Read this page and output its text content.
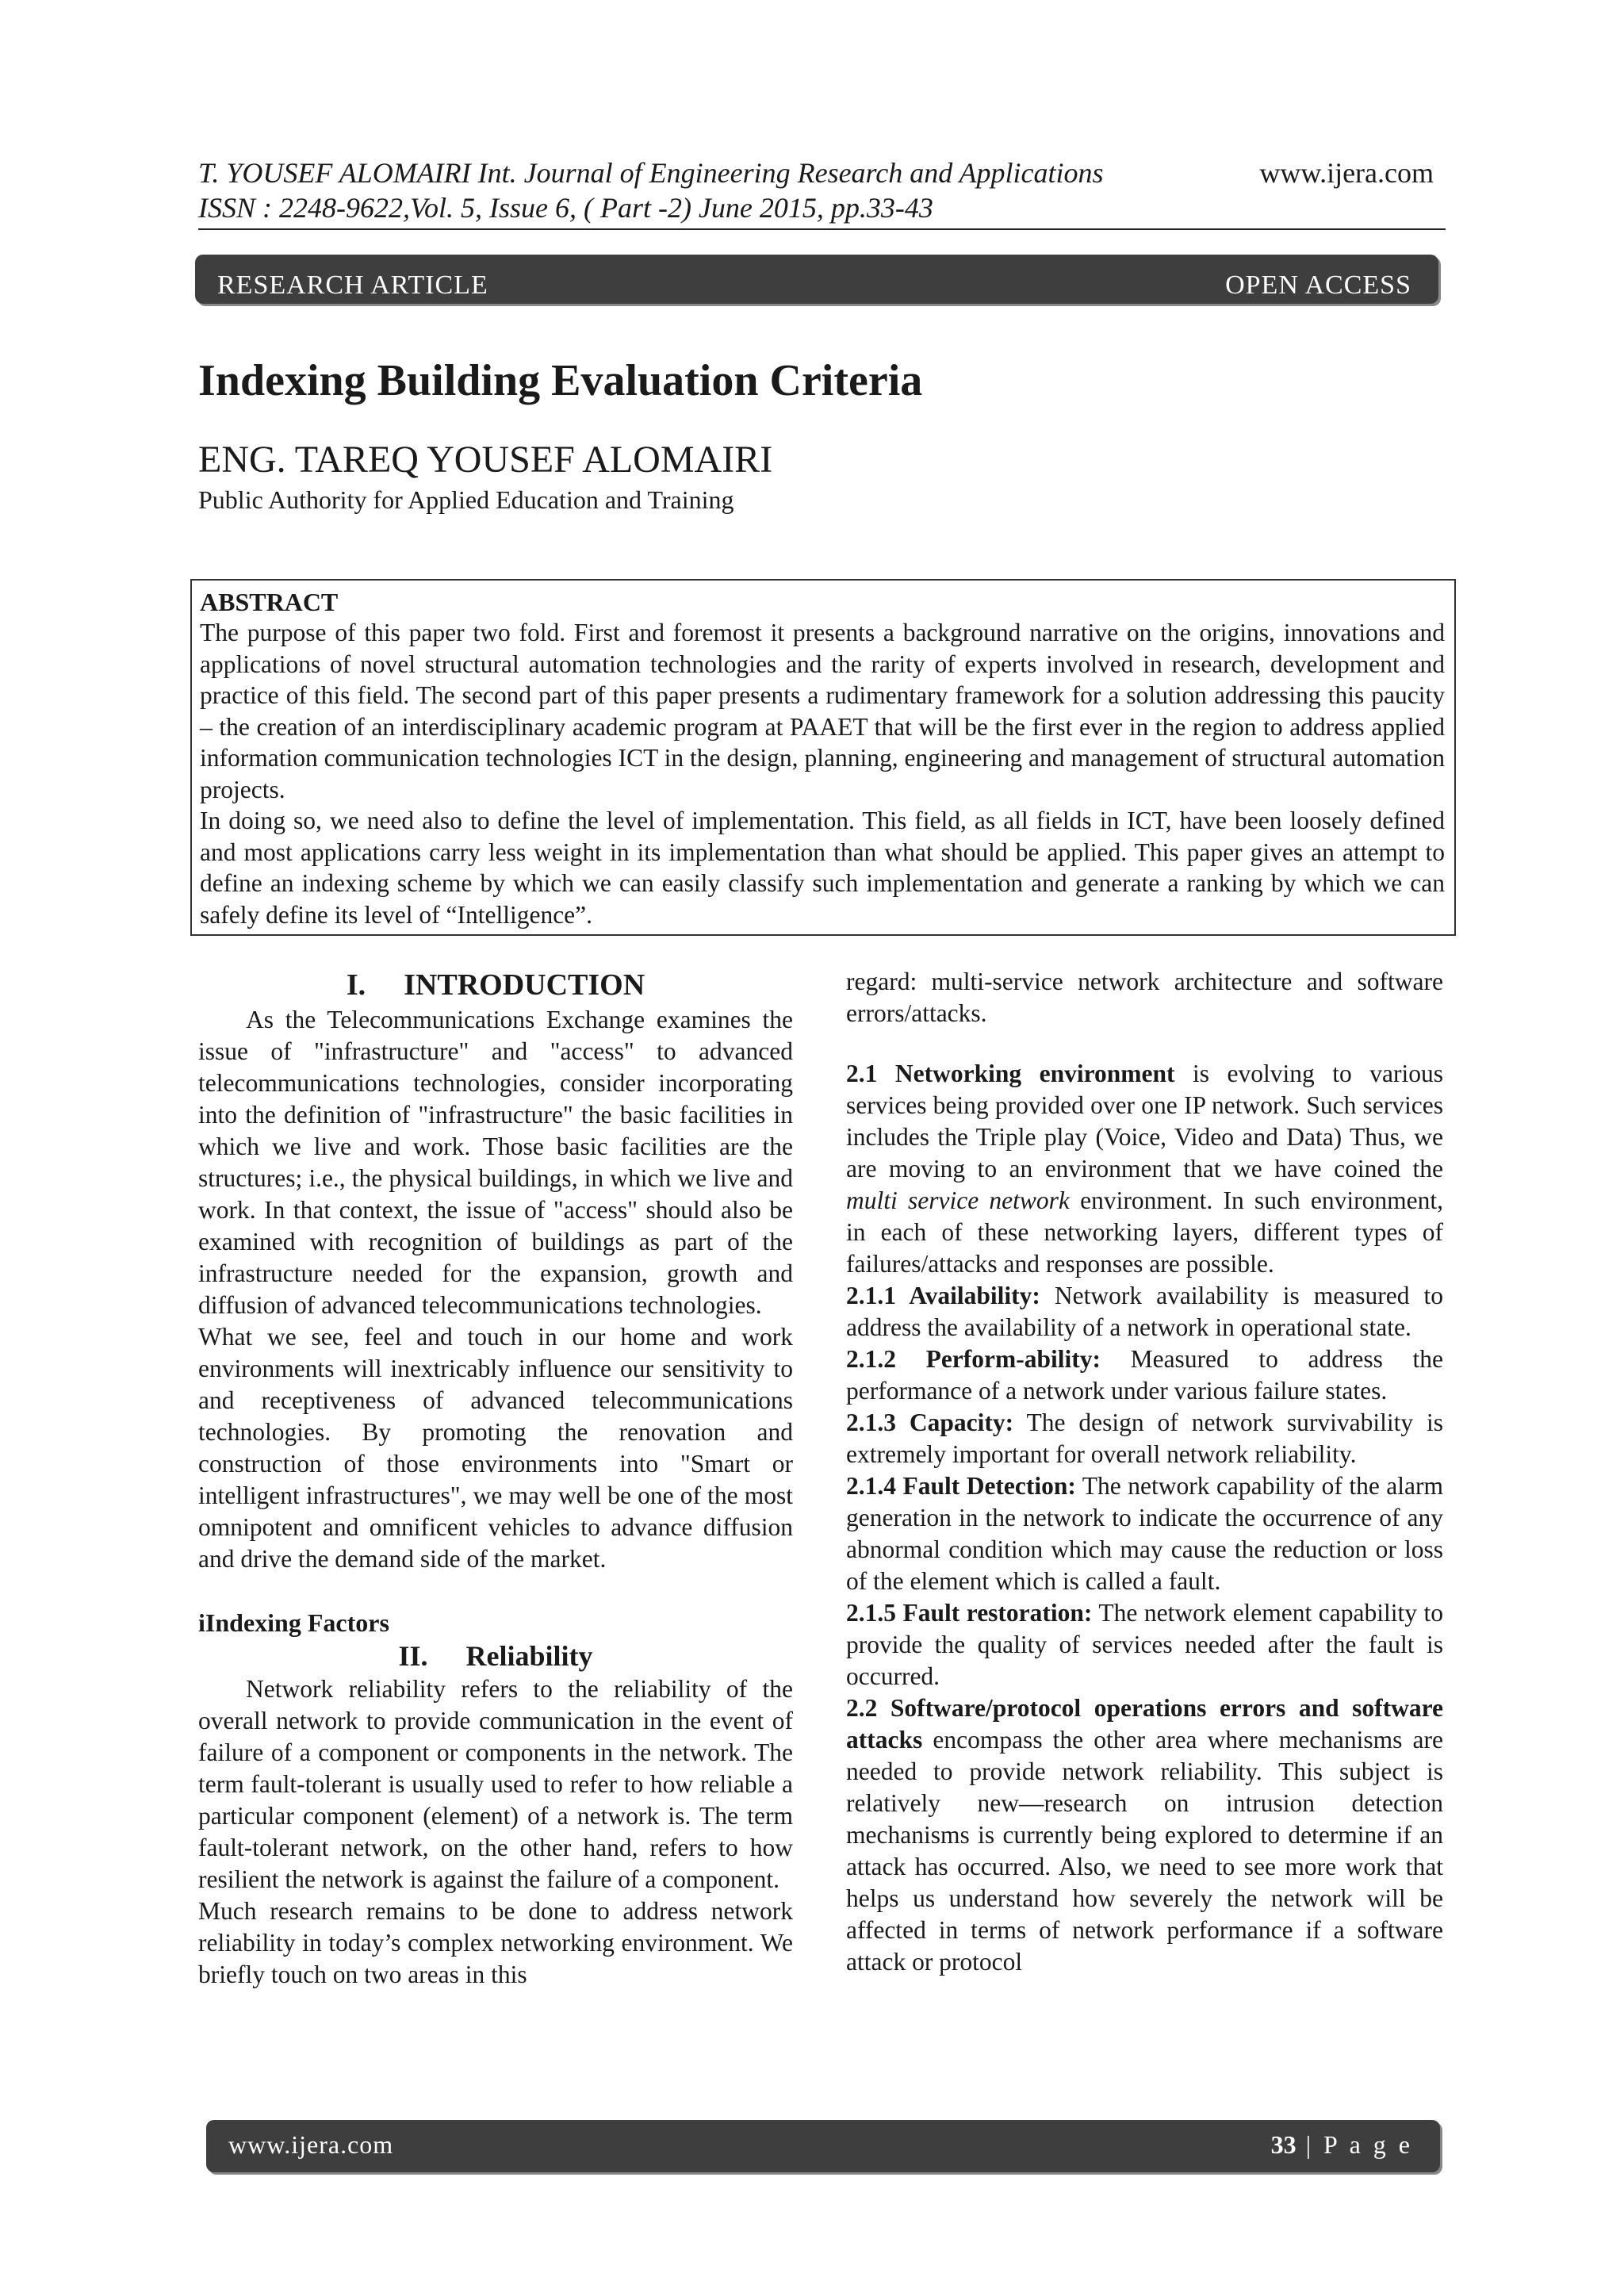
T. YOUSEF ALOMAIRI Int. Journal of Engineering Research and Applications
ISSN : 2248-9622,Vol. 5, Issue 6, ( Part -2) June 2015, pp.33-43
www.ijera.com
RESEARCH ARTICLE	OPEN ACCESS
Indexing Building Evaluation Criteria
ENG. TAREQ YOUSEF ALOMAIRI
Public Authority for Applied Education and Training

ABSTRACT

The purpose of this paper two fold. First and foremost it presents a background narrative on the origins, innovations and applications of novel structural automation technologies and the rarity of experts involved in research, development and practice of this field. The second part of this paper presents a rudimentary framework for a solution addressing this paucity – the creation of an interdisciplinary academic program at PAAET that will be the first ever in the region to address applied information communication technologies ICT in the design, planning, engineering and management of structural automation projects.

In doing so, we need also to define the level of implementation. This field, as all fields in ICT, have been loosely defined and most applications carry less weight in its implementation than what should be applied. This paper gives an attempt to define an indexing scheme by which we can easily classify such implementation and generate a ranking by which we can safely define its level of “Intelligence”.

I. INTRODUCTION

As the Telecommunications Exchange examines the issue of "infrastructure" and "access" to advanced telecommunications technologies, consider incorporating into the definition of "infrastructure" the basic facilities in which we live and work. Those basic facilities are the structures; i.e., the physical buildings, in which we live and work. In that context, the issue of "access" should also be examined with recognition of buildings as part of the infrastructure needed for the expansion, growth and diffusion of advanced telecommunications technologies.

What we see, feel and touch in our home and work environments will inextricably influence our sensitivity to and receptiveness of advanced telecommunications technologies. By promoting the renovation and construction of those environments into "Smart or intelligent infrastructures", we may well be one of the most omnipotent and omnificent vehicles to advance diffusion and drive the demand side of the market.

iIndexing Factors

II. Reliability

Network reliability refers to the reliability of the overall network to provide communication in the event of failure of a component or components in the network. The term fault-tolerant is usually used to refer to how reliable a particular component (element) of a network is. The term fault-tolerant network, on the other hand, refers to how resilient the network is against the failure of a component.

Much research remains to be done to address network reliability in today’s complex networking environment. We briefly touch on two areas in this

regard: multi-service network architecture and software errors/attacks.

2.1 Networking environment is evolving to various services being provided over one IP network. Such services includes the Triple play (Voice, Video and Data) Thus, we are moving to an environment that we have coined the multi service network environment. In such environment, in each of these networking layers, different types of failures/attacks and responses are possible.

2.1.1 Availability: Network availability is measured to address the availability of a network in operational state.

2.1.2 Perform-ability: Measured to address the performance of a network under various failure states.

2.1.3 Capacity: The design of network survivability is extremely important for overall network reliability.

2.1.4 Fault Detection: The network capability of the alarm generation in the network to indicate the occurrence of any abnormal condition which may cause the reduction or loss of the element which is called a fault.

2.1.5 Fault restoration: The network element capability to provide the quality of services needed after the fault is occurred.

2.2 Software/protocol operations errors and software attacks encompass the other area where mechanisms are needed to provide network reliability. This subject is relatively new—research on intrusion detection mechanisms is currently being explored to determine if an attack has occurred. Also, we need to see more work that helps us understand how severely the network will be affected in terms of network performance if a software attack or protocol

www.ijera.com	33 | P a g e
